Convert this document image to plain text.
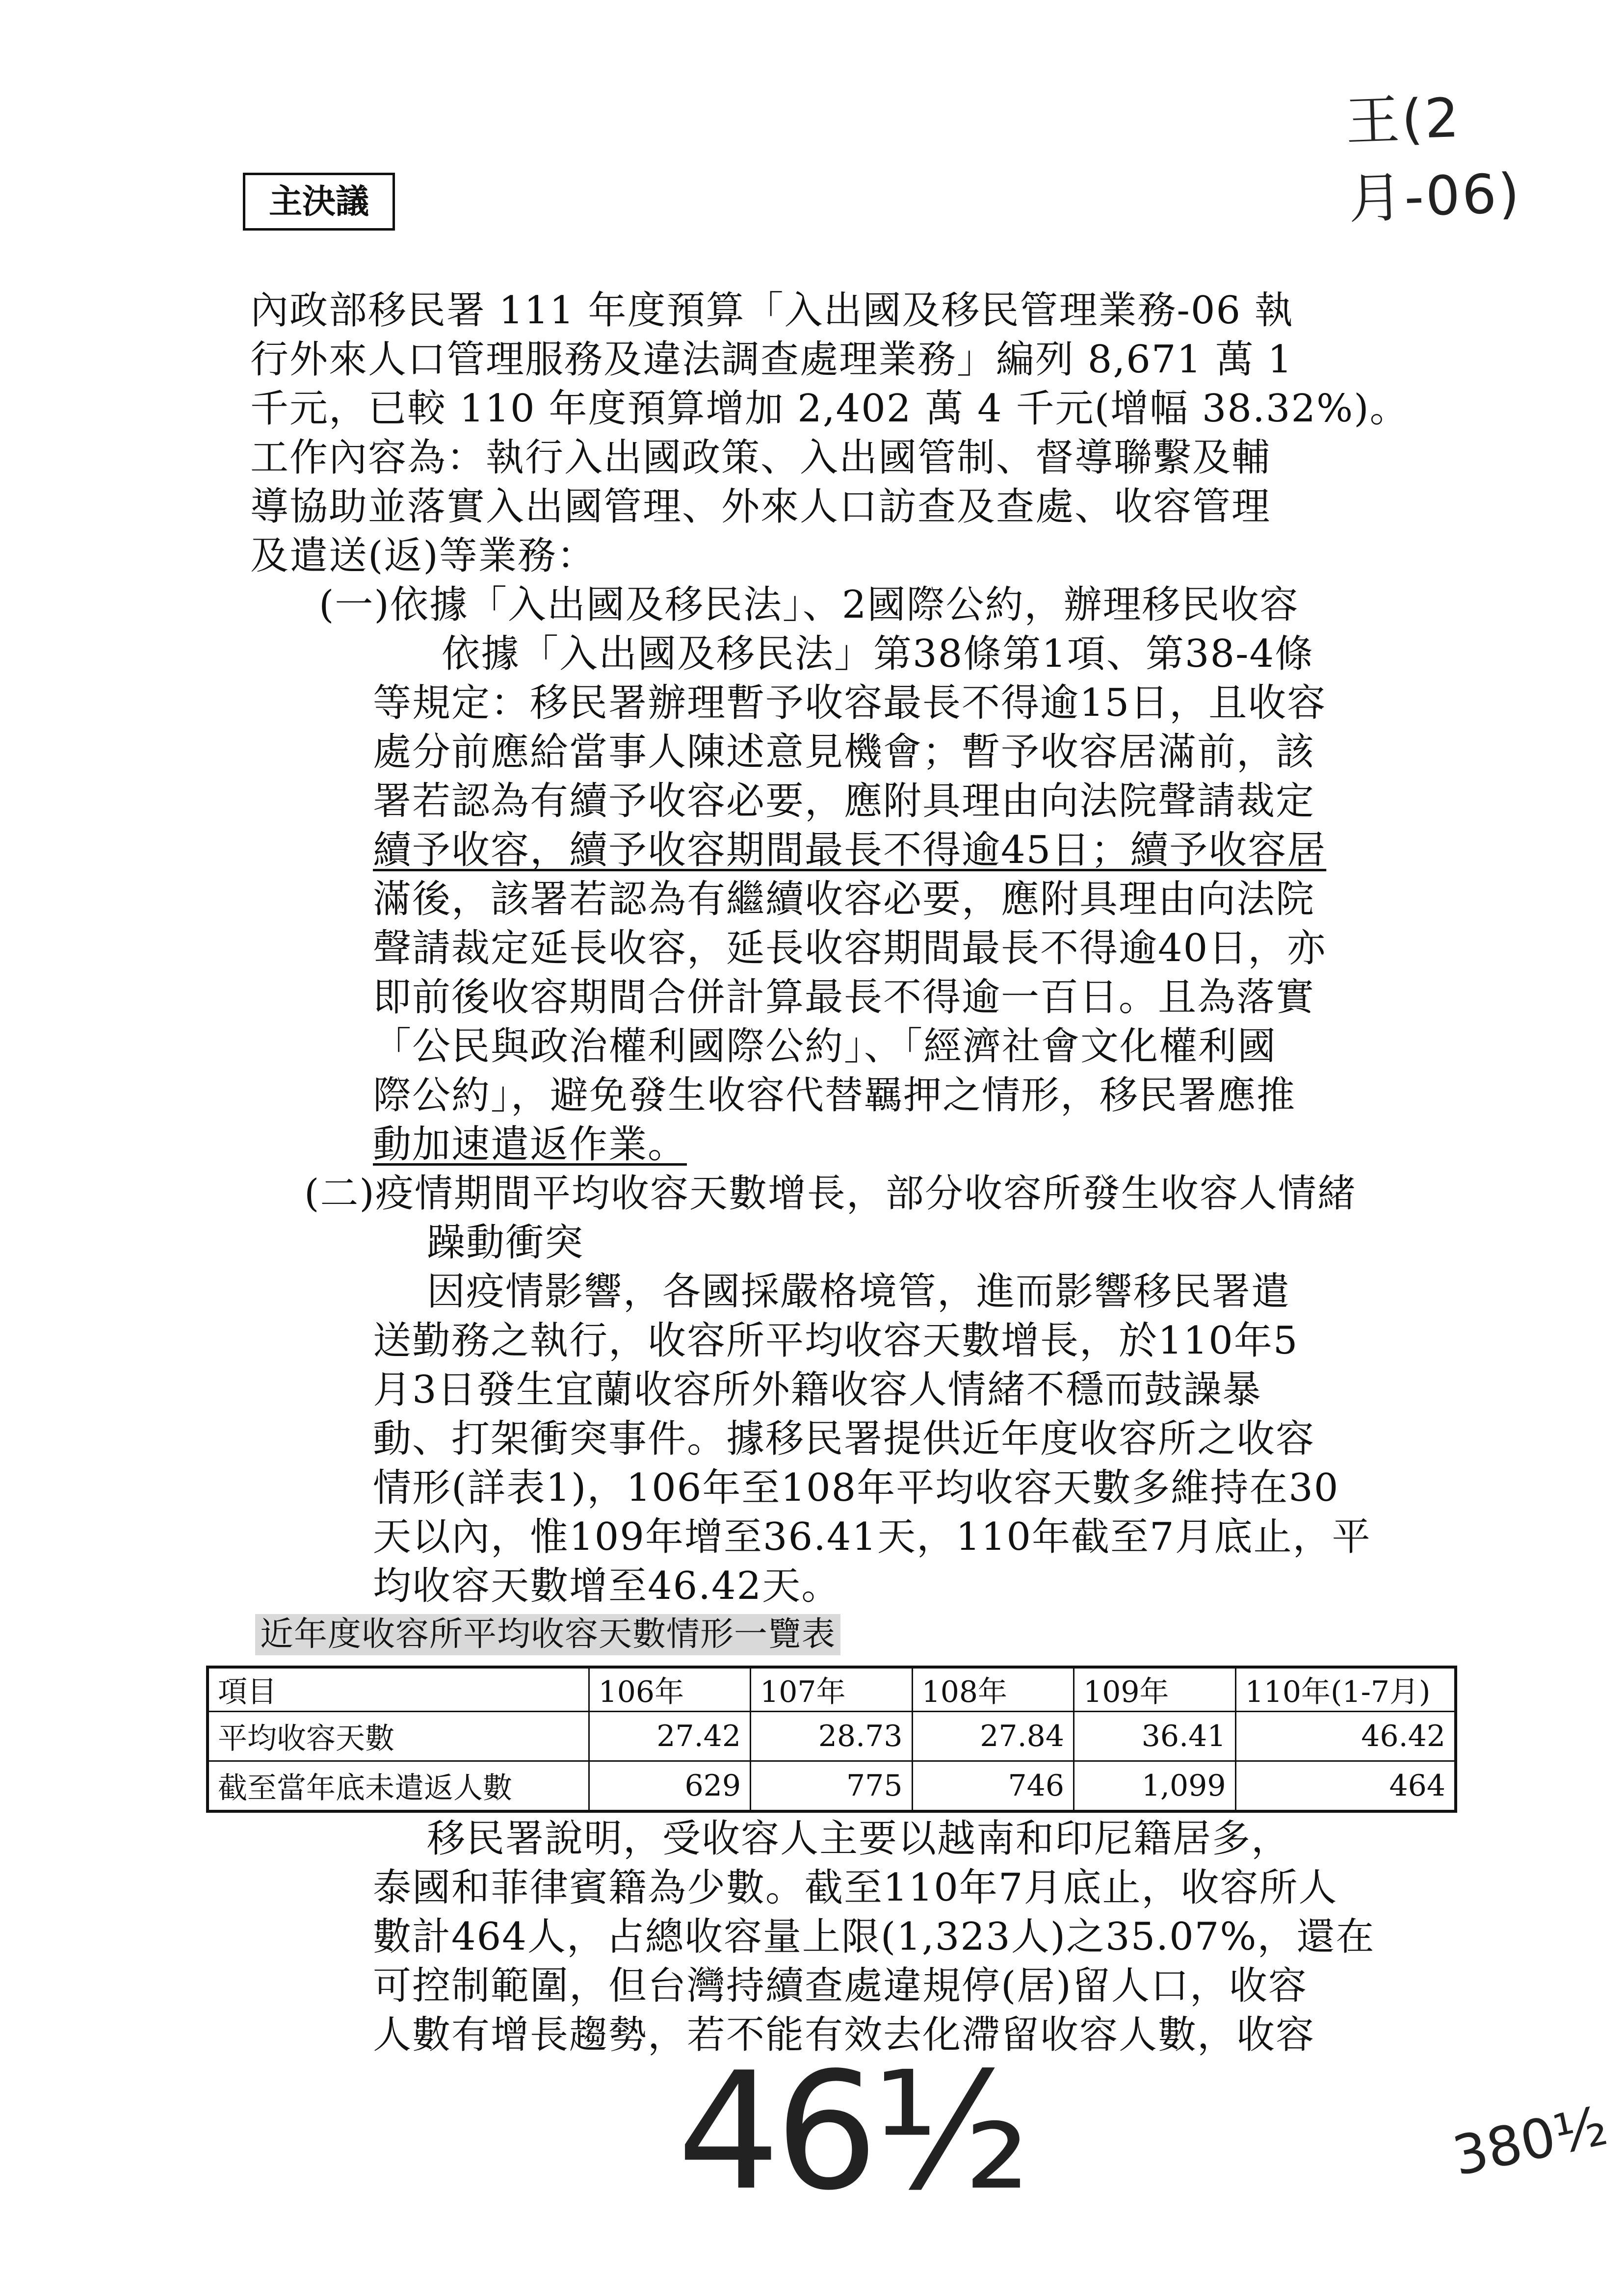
王(2月-06)
主決議
內政部移民署 111 年度預算「入出國及移民管理業務-06 執
行外來人口管理服務及違法調查處理業務」編列 8,671 萬 1
千元，已較 110 年度預算增加 2,402 萬 4 千元(增幅 38.32%)。
工作內容為：執行入出國政策、入出國管制、督導聯繫及輔
導協助並落實入出國管理、外來人口訪查及查處、收容管理
及遣送(返)等業務：
(一)依據「入出國及移民法」、2國際公約，辦理移民收容
依據「入出國及移民法」第38條第1項、第38-4條
等規定：移民署辦理暫予收容最長不得逾15日，且收容
處分前應給當事人陳述意見機會；暫予收容居滿前，該
署若認為有續予收容必要，應附具理由向法院聲請裁定
續予收容，續予收容期間最長不得逾45日；續予收容居
滿後，該署若認為有繼續收容必要，應附具理由向法院
聲請裁定延長收容，延長收容期間最長不得逾40日，亦
即前後收容期間合併計算最長不得逾一百日。且為落實
「公民與政治權利國際公約」、「經濟社會文化權利國
際公約」，避免發生收容代替羈押之情形，移民署應推
動加速遣返作業。
(二)疫情期間平均收容天數增長，部分收容所發生收容人情緒
躁動衝突
因疫情影響，各國採嚴格境管，進而影響移民署遣
送勤務之執行，收容所平均收容天數增長，於110年5
月3日發生宜蘭收容所外籍收容人情緒不穩而鼓譟暴
動、打架衝突事件。據移民署提供近年度收容所之收容
情形(詳表1)，106年至108年平均收容天數多維持在30
天以內，惟109年增至36.41天，110年截至7月底止，平
均收容天數增至46.42天。
近年度收容所平均收容天數情形一覽表
項目	106年	107年	108年	109年	110年(1-7月)
平均收容天數	27.42	28.73	27.84	36.41	46.42
截至當年底未遣返人數	629	775	746	1,099	464
移民署說明，受收容人主要以越南和印尼籍居多，
泰國和菲律賓籍為少數。截至110年7月底止，收容所人
數計464人，占總收容量上限(1,323人)之35.07%，還在
可控制範圍，但台灣持續查處違規停(居)留人口，收容
人數有增長趨勢，若不能有效去化滯留收容人數，收容
46½	380½
